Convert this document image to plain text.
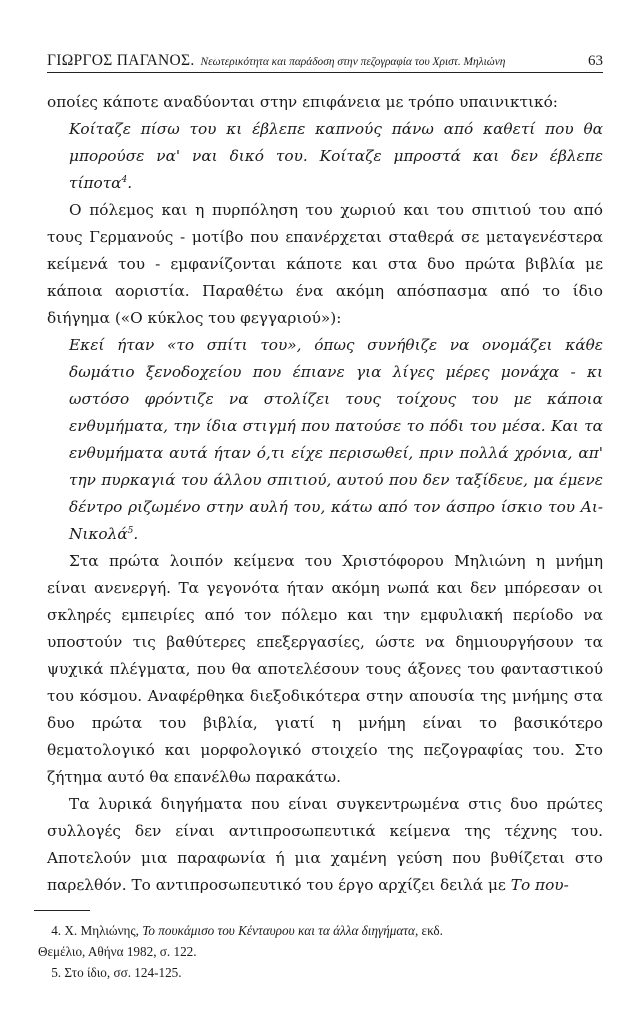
ΓΙΩΡΓΟΣ ΠΑΓΑΝΟΣ. Νεωτερικότητα και παράδοση στην πεζογραφία του Χριστ. Μηλιώνη	63

οποίες κάποτε αναδύονται στην επιφάνεια με τρόπο υπαινικτικό:

Κοίταζε πίσω του κι έβλεπε καπνούς πάνω από καθετί που θα μπορούσε να' ναι δικό του. Κοίταζε μπροστά και δεν έβλεπε τίποτα$^4$.

Ο πόλεμος και η πυρπόληση του χωριού και του σπιτιού του από τους Γερμανούς - μοτίβο που επανέρχεται σταθερά σε μεταγενέστερα κείμενά του - εμφανίζονται κάποτε και στα δυο πρώτα βιβλία με κάποια αοριστία. Παραθέτω ένα ακόμη απόσπασμα από το ίδιο διήγημα («Ο κύκλος του φεγγαριού»):

Εκεί ήταν «το σπίτι του», όπως συνήθιζε να ονομάζει κάθε δωμάτιο ξενοδοχείου που έπιανε για λίγες μέρες μονάχα - κι ωστόσο φρόντιζε να στολίζει τους τοίχους του με κάποια ενθυμήματα, την ίδια στιγμή που πατούσε το πόδι του μέσα. Και τα ενθυμήματα αυτά ήταν ό,τι είχε περισωθεί, πριν πολλά χρόνια, απ' την πυρκαγιά του άλλου σπιτιού, αυτού που δεν ταξίδευε, μα έμενε δέντρο ριζωμένο στην αυλή του, κάτω από τον άσπρο ίσκιο του Αι-Νικολά$^5$.

Στα πρώτα λοιπόν κείμενα του Χριστόφορου Μηλιώνη η μνήμη είναι ανενεργή. Τα γεγονότα ήταν ακόμη νωπά και δεν μπόρεσαν οι σκληρές εμπειρίες από τον πόλεμο και την εμφυλιακή περίοδο να υποστούν τις βαθύτερες επεξεργασίες, ώστε να δημιουργήσουν τα ψυχικά πλέγματα, που θα αποτελέσουν τους άξονες του φανταστικού του κόσμου. Αναφέρθηκα διεξοδικότερα στην απουσία της μνήμης στα δυο πρώτα του βιβλία, γιατί η μνήμη είναι το βασικότερο θεματολογικό και μορφολογικό στοιχείο της πεζογραφίας του. Στο ζήτημα αυτό θα επανέλθω παρακάτω.

Τα λυρικά διηγήματα που είναι συγκεντρωμένα στις δυο πρώτες συλλογές δεν είναι αντιπροσωπευτικά κείμενα της τέχνης του. Αποτελούν μια παραφωνία ή μια χαμένη γεύση που βυθίζεται στο παρελθόν. Το αντιπροσωπευτικό του έργο αρχίζει δειλά με Το που-

4. Χ. Μηλιώνης, Το πουκάμισο του Κένταυρου και τα άλλα διηγήματα, εκδ.
Θεμέλιο, Αθήνα 1982, σ. 122.
5. Στο ίδιο, σσ. 124-125.
